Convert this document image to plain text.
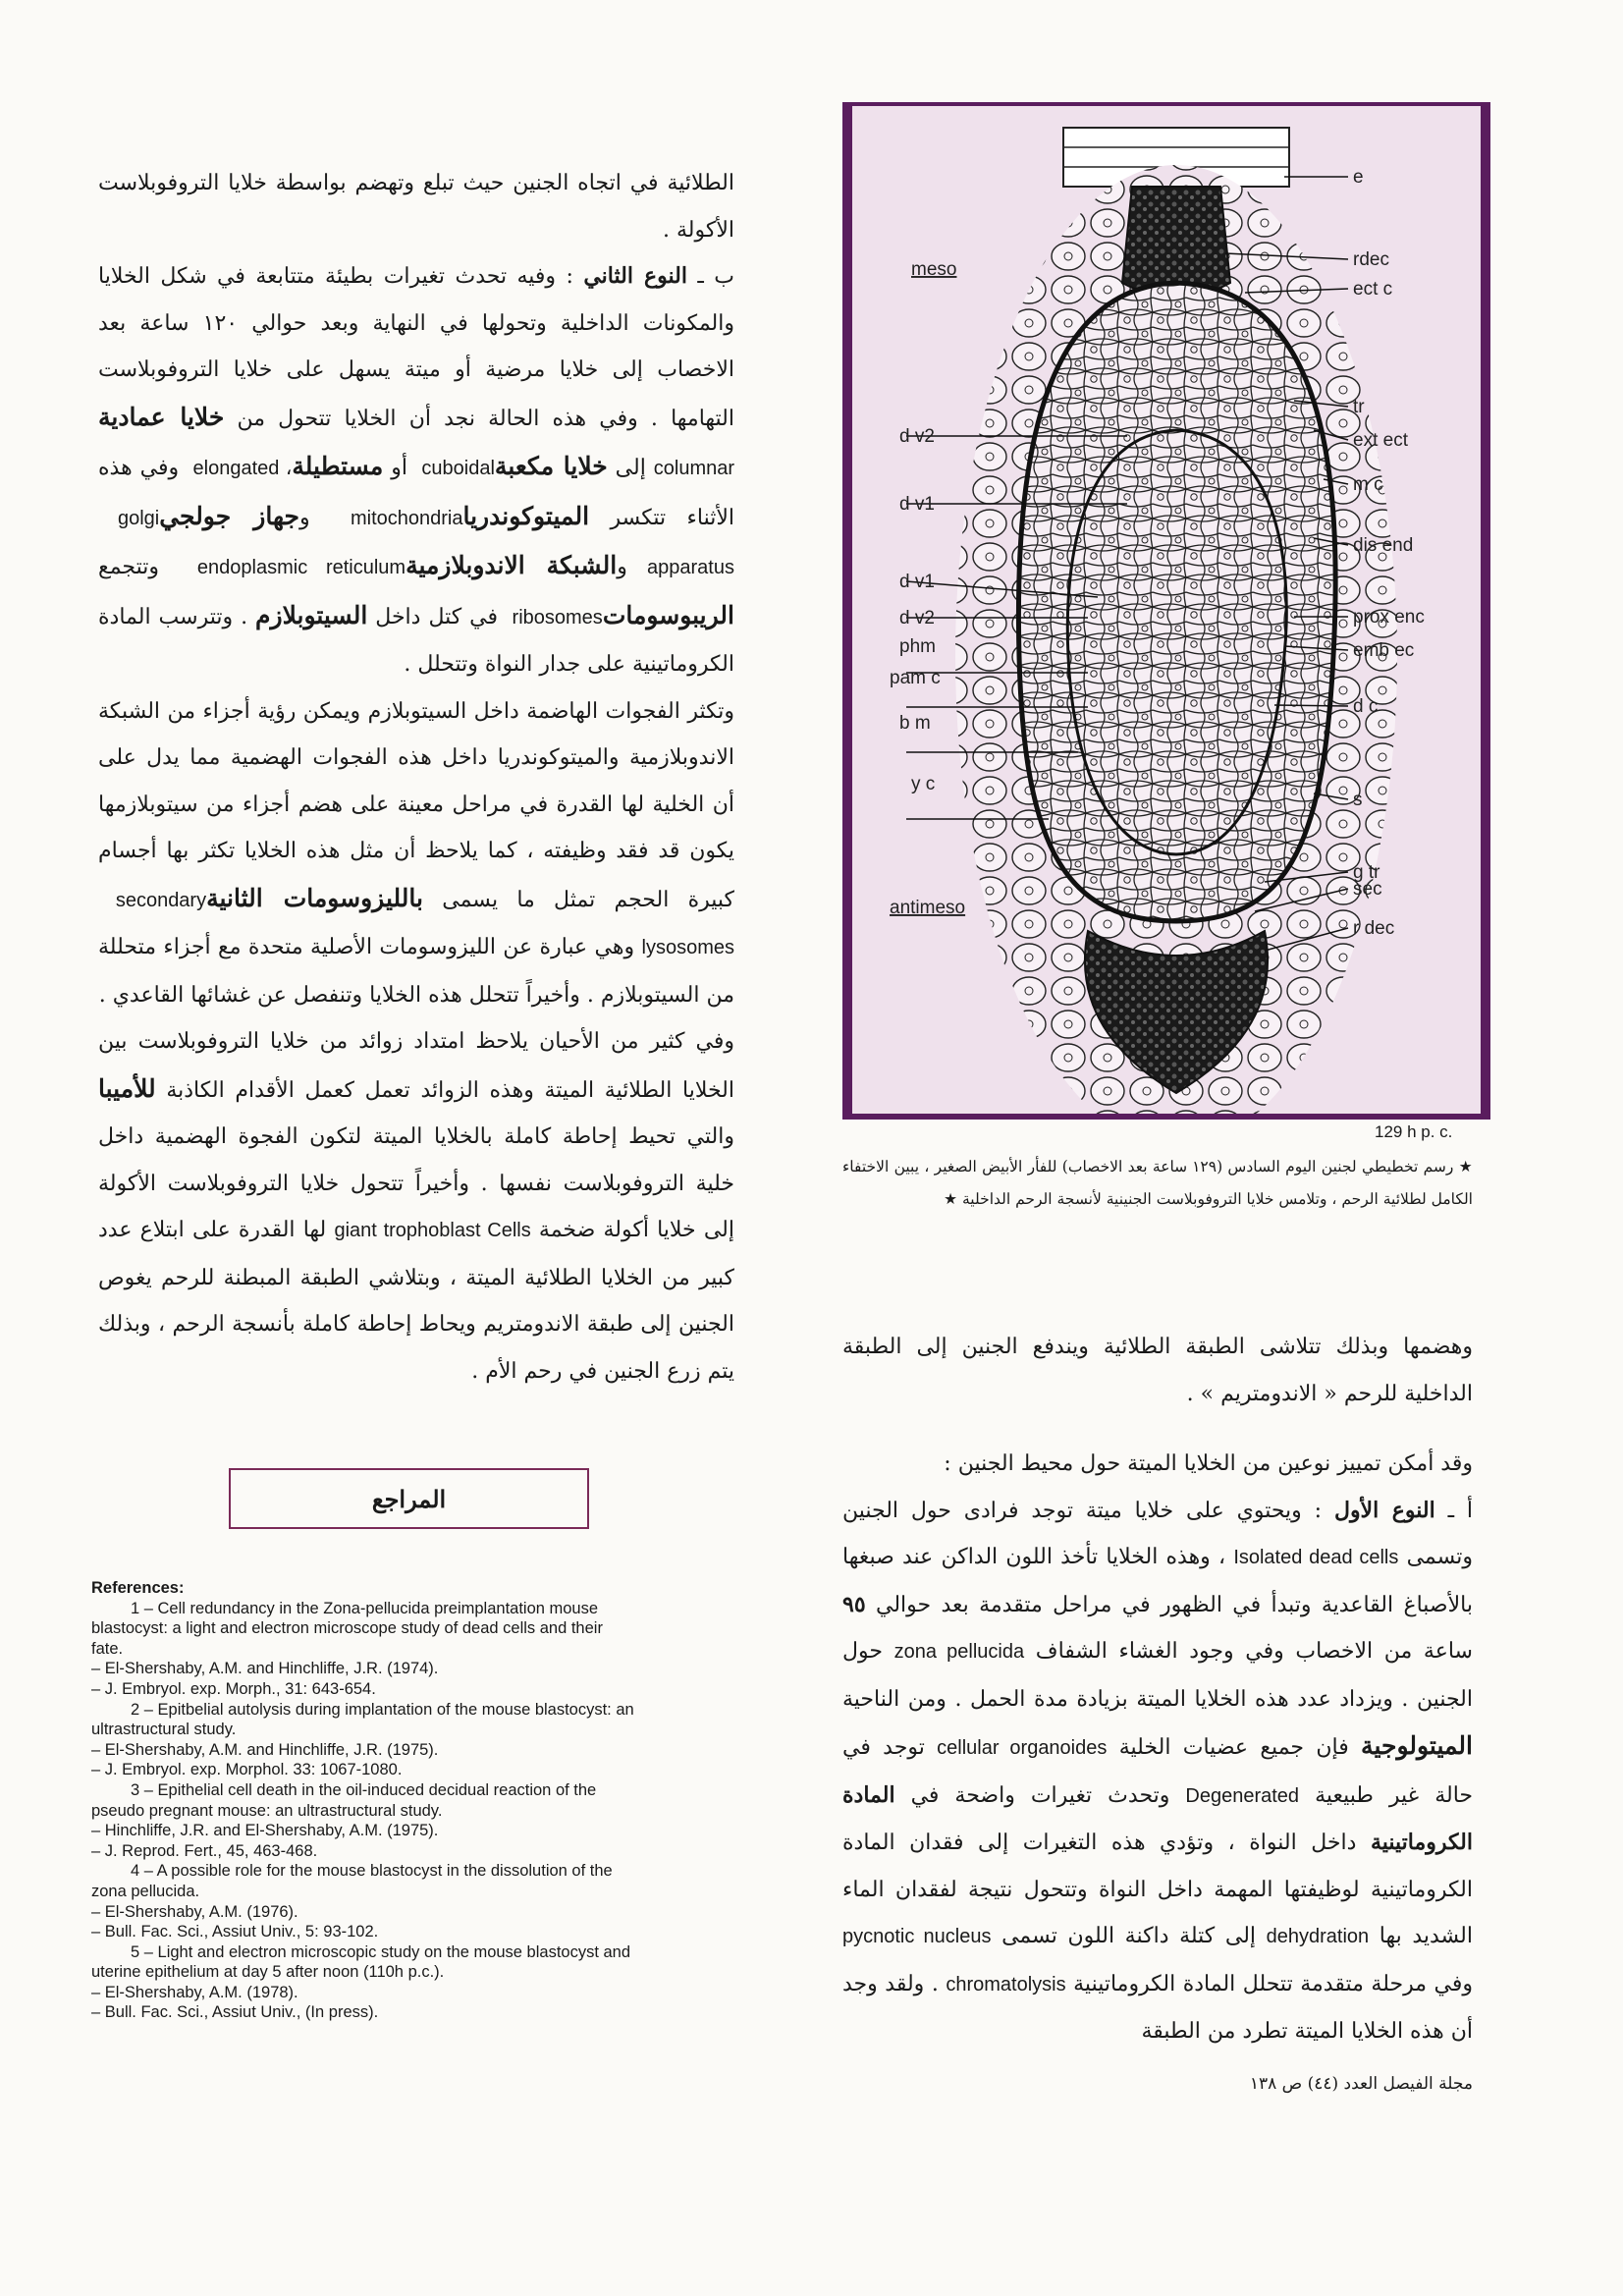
الطلائية في اتجاه الجنين حيث تبلع وتهضم بواسطة خلايا التروفوبلاست الأكولة .

ب ـ النوع الثاني : وفيه تحدث تغيرات بطيئة متتابعة في شكل الخلايا والمكونات الداخلية وتحولها في النهاية وبعد حوالي ١٢٠ ساعة بعد الاخصاب إلى خلايا مرضية أو ميتة يسهل على خلايا التروفوبلاست التهامها . وفي هذه الحالة نجد أن الخلايا تتحول من خلايا عمادية columnar إلى خلايا مكعبة cuboidal أو مستطيلة elongated ، وفي هذه الأثناء تتكسر الميتوكوندريا mitochondria وجهاز جولجي golgi apparatus والشبكة الاندوبلازمية endoplasmic reticulum وتتجمع الريبوسومات ribosomes في كتل داخل السيتوبلازم . وتترسب المادة الكروماتينية على جدار النواة وتتحلل .

وتكثر الفجوات الهاضمة داخل السيتوبلازم ويمكن رؤية أجزاء من الشبكة الاندوبلازمية والميتوكوندريا داخل هذه الفجوات الهضمية مما يدل على أن الخلية لها القدرة في مراحل معينة على هضم أجزاء من سيتوبلازمها يكون قد فقد وظيفته ، كما يلاحظ أن مثل هذه الخلايا تكثر بها أجسام كبيرة الحجم تمثل ما يسمى بالليزوسومات الثانية secondary lysosomes وهي عبارة عن الليزوسومات الأصلية متحدة مع أجزاء متحللة من السيتوبلازم . وأخيراً تتحلل هذه الخلايا وتنفصل عن غشائها القاعدي .

وفي كثير من الأحيان يلاحظ امتداد زوائد من خلايا التروفوبلاست بين الخلايا الطلائية الميتة وهذه الزوائد تعمل كعمل الأقدام الكاذبة للأميبا والتي تحيط إحاطة كاملة بالخلايا الميتة لتكون الفجوة الهضمية داخل خلية التروفوبلاست نفسها . وأخيراً تتحول خلايا التروفوبلاست الأكولة إلى خلايا أكولة ضخمة giant trophoblast Cells لها القدرة على ابتلاع عدد كبير من الخلايا الطلائية الميتة ، وبتلاشي الطبقة المبطنة للرحم يغوص الجنين إلى طبقة الاندومتريم ويحاط إحاطة كاملة بأنسجة الرحم ، وبذلك يتم زرع الجنين في رحم الأم .

e
rdec
ect c
tr
ext ect
m c
dis end
prox enc
emb ec
d c
s
g tr
sec
r dec
meso
d v2
d v1
d v1
d v2
phm
pam c
b m
y c
antimeso
129 h p. c.
★ رسم تخطيطي لجنين اليوم السادس (١٢٩ ساعة بعد الاخصاب) للفأر الأبيض الصغير ، يبين الاختفاء الكامل لطلائية الرحم ، وتلامس خلايا التروفوبلاست الجنينية لأنسجة الرحم الداخلية ★

وهضمها وبذلك تتلاشى الطبقة الطلائية ويندفع الجنين إلى الطبقة الداخلية للرحم « الاندومتريم » .

وقد أمكن تمييز نوعين من الخلايا الميتة حول محيط الجنين :

أ ـ النوع الأول : ويحتوي على خلايا ميتة توجد فرادى حول الجنين وتسمى Isolated dead cells ، وهذه الخلايا تأخذ اللون الداكن عند صبغها بالأصباغ القاعدية وتبدأ في الظهور في مراحل متقدمة بعد حوالي ٩٥ ساعة من الاخصاب وفي وجود الغشاء الشفاف zona pellucida حول الجنين . ويزداد عدد هذه الخلايا الميتة بزيادة مدة الحمل . ومن الناحية الميتولوجية فإن جميع عضيات الخلية cellular organoides توجد في حالة غير طبيعية Degenerated وتحدث تغيرات واضحة في المادة الكروماتينية داخل النواة ، وتؤدي هذه التغيرات إلى فقدان المادة الكروماتينية لوظيفتها المهمة داخل النواة وتتحول نتيجة لفقدان الماء الشديد بها dehydration إلى كتلة داكنة اللون تسمى pycnotic nucleus وفي مرحلة متقدمة تتحلل المادة الكروماتينية chromatolysis . ولقد وجد أن هذه الخلايا الميتة تطرد من الطبقة

المراجع
References:
1 – Cell redundancy in the Zona-pellucida preimplantation mouse
blastocyst: a light and electron microscope study of dead cells and their
fate.
– El-Shershaby, A.M. and Hinchliffe, J.R. (1974).
– J. Embryol. exp. Morph., 31: 643-654.
2 – Epitbelial autolysis during implantation of the mouse blastocyst: an
ultrastructural study.
– El-Shershaby, A.M. and Hinchliffe, J.R. (1975).
– J. Embryol. exp. Morphol. 33: 1067-1080.
3 – Epithelial cell death in the oil-induced decidual reaction of the
pseudo pregnant mouse: an ultrastructural study.
– Hinchliffe, J.R. and El-Shershaby, A.M. (1975).
– J. Reprod. Fert., 45, 463-468.
4 – A possible role for the mouse blastocyst in the dissolution of the
zona pellucida.
– El-Shershaby, A.M. (1976).
– Bull. Fac. Sci., Assiut Univ., 5: 93-102.
5 – Light and electron microscopic study on the mouse blastocyst and
uterine epithelium at day 5 after noon (110h p.c.).
– El-Shershaby, A.M. (1978).
– Bull. Fac. Sci., Assiut Univ., (In press).
مجلة الفيصل العدد (٤٤) ص ١٣٨
